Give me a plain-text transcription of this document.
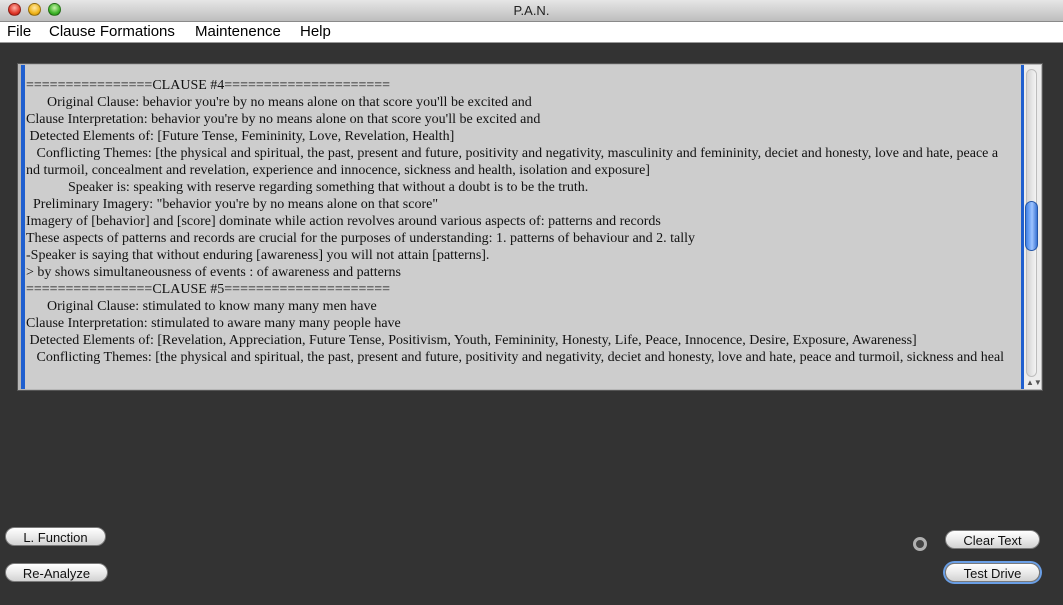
P.A.N.
File Clause Formations Maintenence Help
================CLAUSE #4=====================
Original Clause: behavior you're by no means alone on that score you'll be excited and
Clause Interpretation: behavior you're by no means alone on that score you'll be excited and
Detected Elements of: [Future Tense, Femininity, Love, Revelation, Health]
Conflicting Themes: [the physical and spiritual, the past, present and future, positivity and negativity, masculinity and femininity, deciet and honesty, love and hate, peace a
nd turmoil, concealment and revelation, experience and innocence, sickness and health, isolation and exposure]
Speaker is: speaking with reserve regarding something that without a doubt is to be the truth.
Preliminary Imagery: "behavior you're by no means alone on that score"
Imagery of [behavior] and [score] dominate while action revolves around various aspects of: patterns and records
These aspects of patterns and records are crucial for the purposes of understanding: 1. patterns of behaviour and 2. tally
-Speaker is saying that without enduring [awareness] you will not attain [patterns].
> by shows simultaneousness of events : of awareness and patterns
================CLAUSE #5=====================
Original Clause: stimulated to know many many men have
Clause Interpretation: stimulated to aware many many people have
Detected Elements of: [Revelation, Appreciation, Future Tense, Positivism, Youth, Femininity, Honesty, Life, Peace, Innocence, Desire, Exposure, Awareness]
Conflicting Themes: [the physical and spiritual, the past, present and future, positivity and negativity, deciet and honesty, love and hate, peace and turmoil, sickness and heal
▲▼
L. Function
Re-Analyze
Clear Text
Test Drive
